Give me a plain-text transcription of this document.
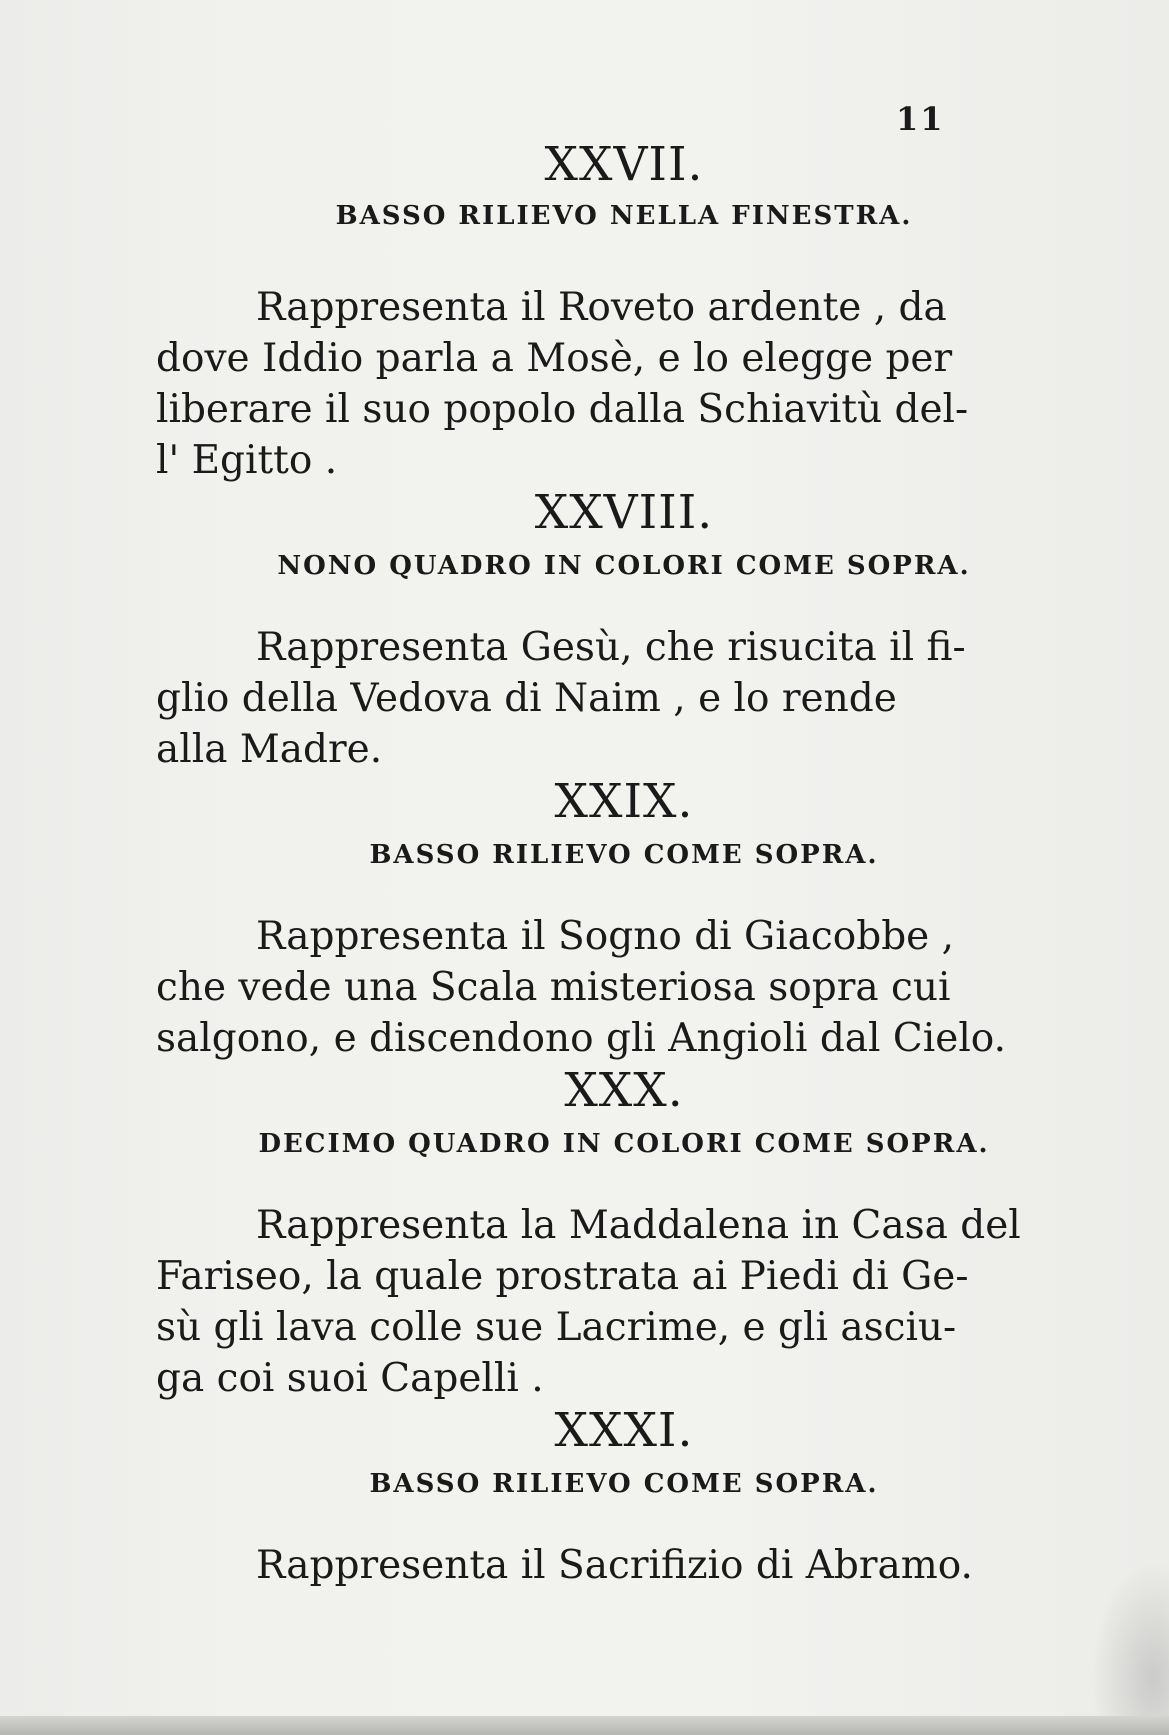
11
XXVII.
BASSO RILIEVO NELLA FINESTRA.

Rappresenta il Roveto ardente , da
dove Iddio parla a Mosè, e lo elegge per
liberare il suo popolo dalla Schiavitù del-
l' Egitto .

XXVIII.
NONO QUADRO IN COLORI COME SOPRA.

Rappresenta Gesù, che risucita il fi-
glio della Vedova di Naim , e lo rende
alla Madre.

XXIX.
BASSO RILIEVO COME SOPRA.

Rappresenta il Sogno di Giacobbe ,
che vede una Scala misteriosa sopra cui
salgono, e discendono gli Angioli dal Cielo.

XXX.
DECIMO QUADRO IN COLORI COME SOPRA.

Rappresenta la Maddalena in Casa del
Fariseo, la quale prostrata ai Piedi di Ge-
sù gli lava colle sue Lacrime, e gli asciu-
ga coi suoi Capelli .

XXXI.
BASSO RILIEVO COME SOPRA.

Rappresenta il Sacrifizio di Abramo.
